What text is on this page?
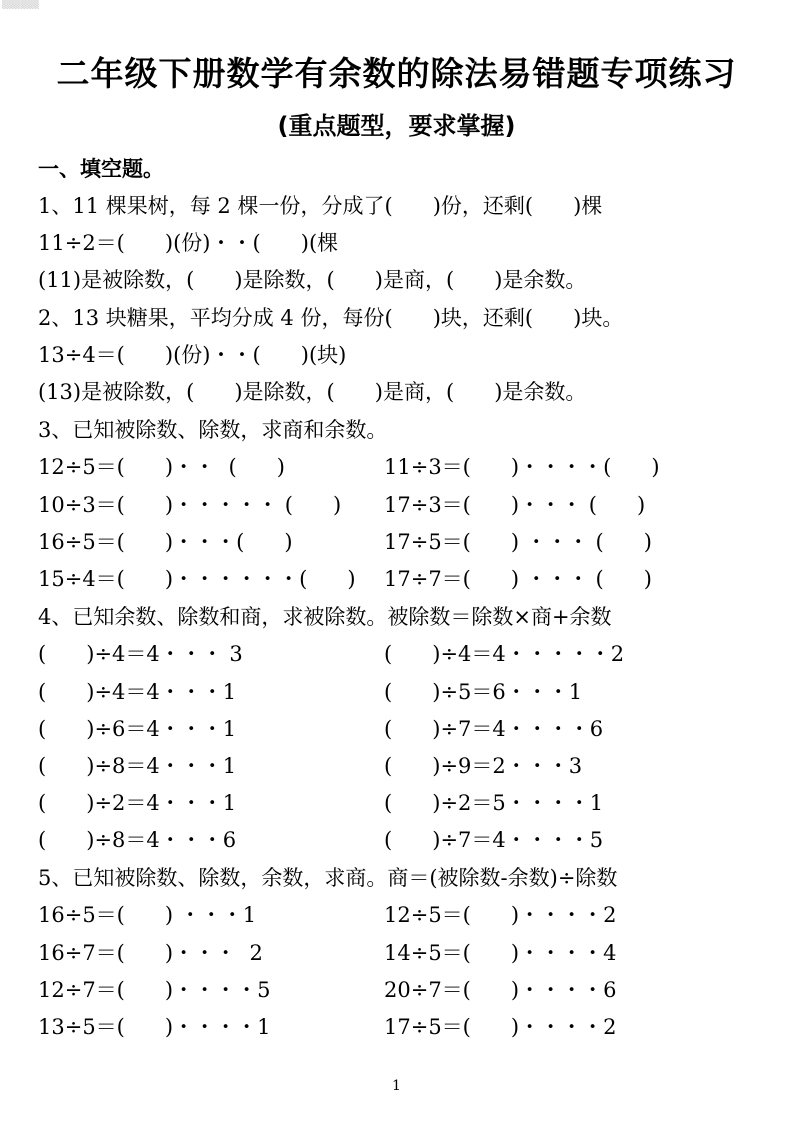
▒▒▒▒▒▒
二年级下册数学有余数的除法易错题专项练习
(重点题型，要求掌握)
一、填空题。
1、11 棵果树，每 2 棵一份，分成了(      )份，还剩(      )棵
11÷2＝(      )(份)・・(      )(棵
(11)是被除数，(      )是除数，(      )是商，(      )是余数。
2、13 块糖果，平均分成 4 份，每份(      )块，还剩(      )块。
13÷4＝(      )(份)・・(      )(块)
(13)是被除数，(      )是除数，(      )是商，(      )是余数。
3、已知被除数、除数，求商和余数。
12÷5＝(      )・・  (      )	11÷3＝(      )・・・・(      )
10÷3＝(      )・・・・・ (      ) 17÷3＝(      )・・・ (      )
16÷5＝(      )・・・(      )	17÷5＝(      ) ・・・ (      )
15÷4＝(      )・・・・・・(      ) 17÷7＝(      ) ・・・ (      )
4、已知余数、除数和商，求被除数。被除数＝除数×商+余数
(      )÷4＝4・・・ 3	(      )÷4＝4・・・・・2
(      )÷4＝4・・・1	(      )÷5＝6・・・1
(      )÷6＝4・・・1	(      )÷7＝4・・・・6
(      )÷8＝4・・・1	(      )÷9＝2・・・3
(      )÷2＝4・・・1	(      )÷2＝5・・・・1
(      )÷8＝4・・・6	(      )÷7＝4・・・・5
5、已知被除数、除数，余数，求商。商＝(被除数-余数)÷除数
16÷5＝(      ) ・・・1	12÷5＝(      )・・・・2
16÷7＝(      )・・・  2	14÷5＝(      )・・・・4
12÷7＝(      )・・・・5	20÷7＝(      )・・・・6
13÷5＝(      )・・・・1	17÷5＝(      )・・・・2
1
